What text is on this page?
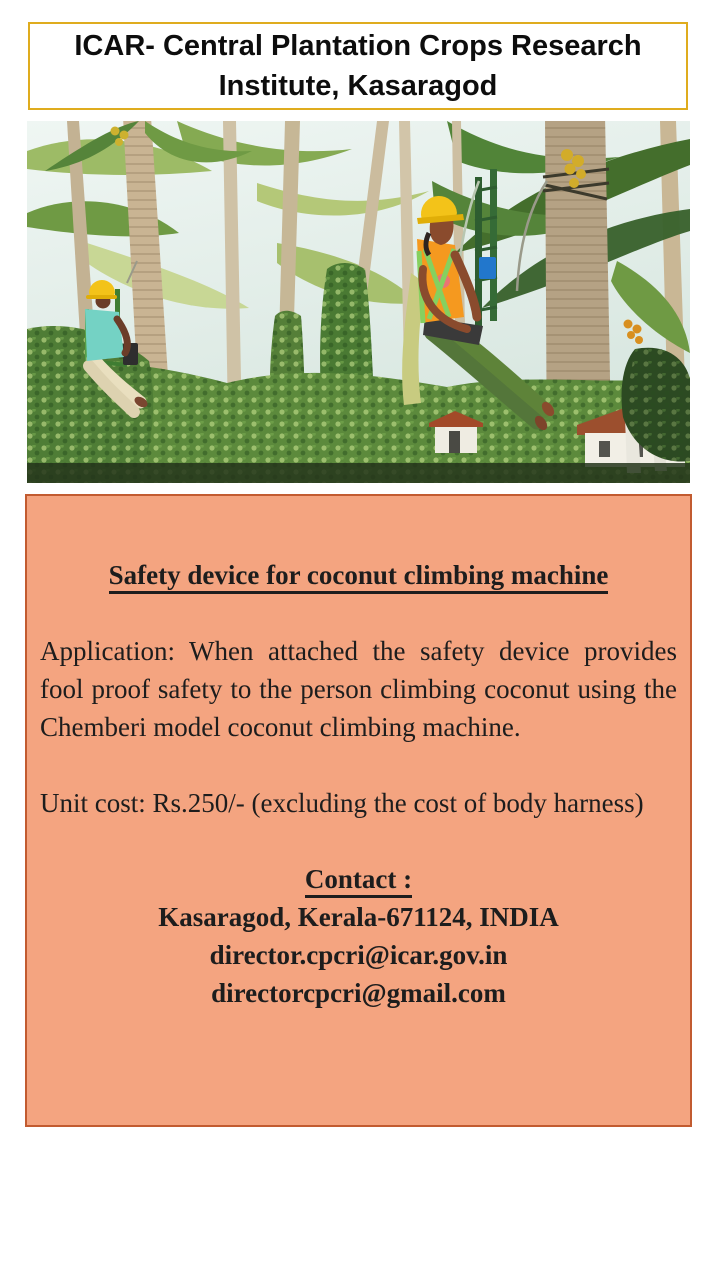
ICAR- Central Plantation Crops Research
Institute, Kasaragod
Safety device for coconut climbing machine

Application: When attached the safety device provides fool proof safety to the person climbing coconut using the Chemberi model coconut climbing machine.

Unit cost: Rs.250/- (excluding the cost of body harness)

Contact :

Kasaragod, Kerala-671124, INDIA

director.cpcri@icar.gov.in

directorcpcri@gmail.com
